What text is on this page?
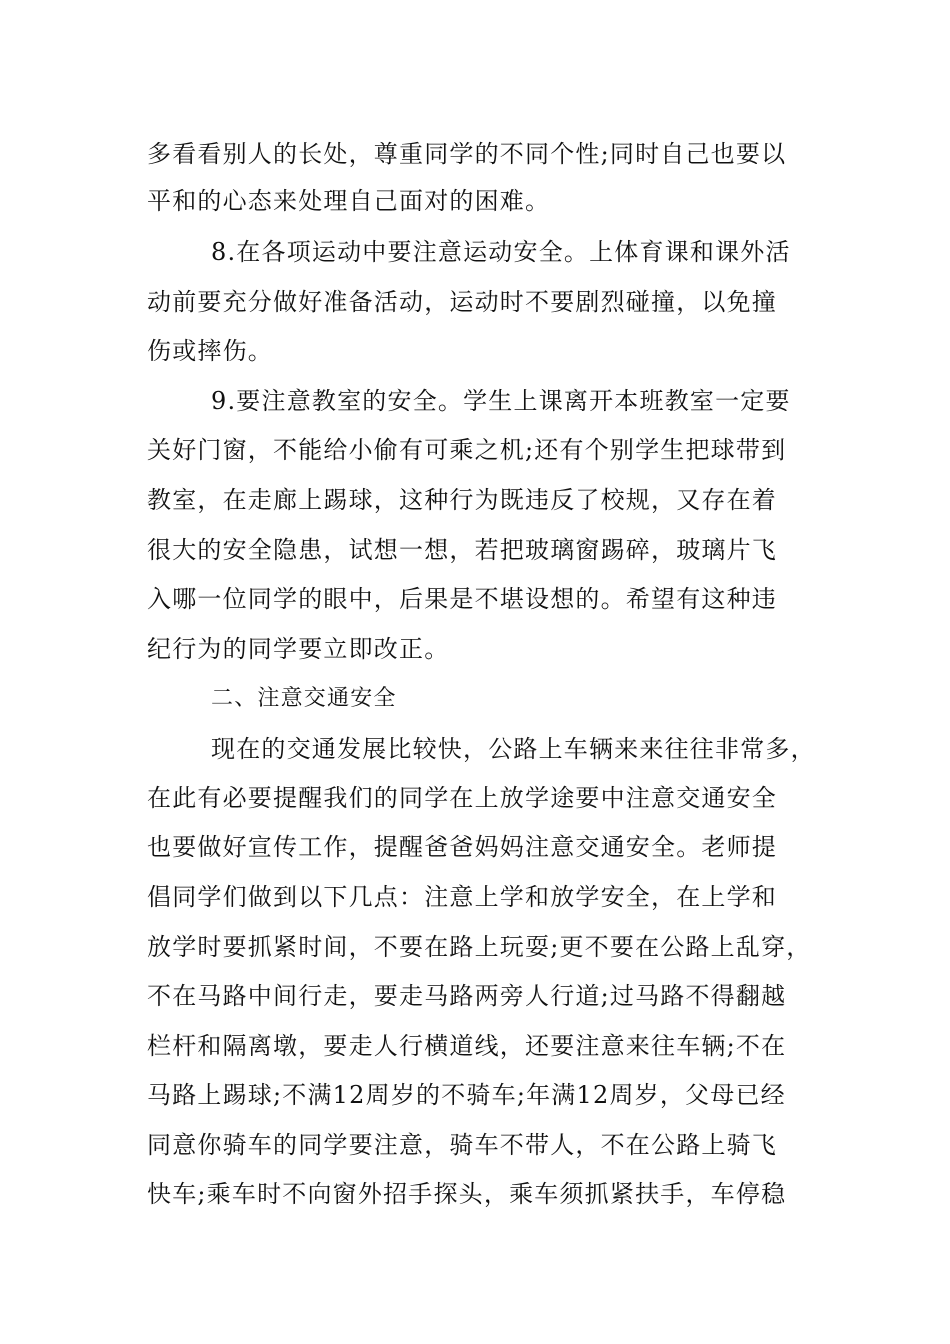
多看看别人的长处，尊重同学的不同个性;同时自己也要以
平和的心态来处理自己面对的困难。
8.在各项运动中要注意运动安全。上体育课和课外活
动前要充分做好准备活动，运动时不要剧烈碰撞，以免撞
伤或摔伤。
9.要注意教室的安全。学生上课离开本班教室一定要
关好门窗，不能给小偷有可乘之机;还有个别学生把球带到
教室，在走廊上踢球，这种行为既违反了校规，又存在着
很大的安全隐患，试想一想，若把玻璃窗踢碎，玻璃片飞
入哪一位同学的眼中，后果是不堪设想的。希望有这种违
纪行为的同学要立即改正。
二、注意交通安全
现在的交通发展比较快，公路上车辆来来往往非常多，
在此有必要提醒我们的同学在上放学途要中注意交通安全
也要做好宣传工作，提醒爸爸妈妈注意交通安全。老师提
倡同学们做到以下几点：注意上学和放学安全，在上学和
放学时要抓紧时间，不要在路上玩耍;更不要在公路上乱穿，
不在马路中间行走，要走马路两旁人行道;过马路不得翻越
栏杆和隔离墩，要走人行横道线，还要注意来往车辆;不在
马路上踢球;不满12周岁的不骑车;年满12周岁，父母已经
同意你骑车的同学要注意，骑车不带人，不在公路上骑飞
快车;乘车时不向窗外招手探头，乘车须抓紧扶手，车停稳
